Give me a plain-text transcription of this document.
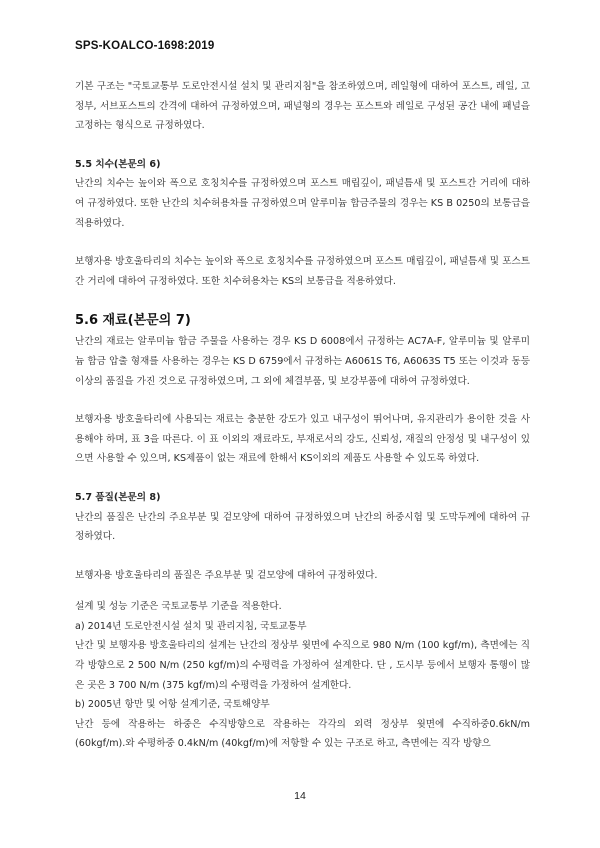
SPS-KOALCO-1698:2019

기본 구조는 "국토교통부 도로안전시설 설치 및 관리지침"을 참조하였으며, 레일형에 대하여 포스트, 레일, 고정부, 서브포스트의 간격에 대하여 규정하였으며, 패널형의 경우는 포스트와 레일로 구성된 공간 내에 패널을 고정하는 형식으로 규정하였다.

5.5 치수(본문의 6)

난간의 치수는 높이와 폭으로 호칭치수를 규정하였으며 포스트 매립깊이, 패널틈새 및 포스트간 거리에 대하여 규정하였다. 또한 난간의 치수허용차를 규정하였으며 알루미늄 합금주물의 경우는 KS B 0250의 보통급을 적용하였다.

보행자용 방호울타리의 치수는 높이와 폭으로 호칭치수를 규정하였으며 포스트 매립깊이, 패널틈새 및 포스트간 거리에 대하여 규정하였다. 또한 치수허용차는 KS의 보통급을 적용하였다.

5.6 재료(본문의 7)

난간의 재료는 알루미늄 합금 주물을 사용하는 경우 KS D 6008에서 규정하는 AC7A-F, 알루미늄 및 알루미늄 합금 압출 형재를 사용하는 경우는 KS D 6759에서 규정하는 A6061S T6, A6063S T5 또는 이것과 동등 이상의 품질을 가진 것으로 규정하였으며, 그 외에 체결부품, 및 보강부품에 대하여 규정하였다.

보행자용 방호울타리에 사용되는 재료는 충분한 강도가 있고 내구성이 뛰어나며, 유지관리가 용이한 것을 사용해야 하며, 표 3을 따른다. 이 표 이외의 재료라도, 부재로서의 강도, 신뢰성, 재질의 안정성 및 내구성이 있으면 사용할 수 있으며, KS제품이 없는 재료에 한해서 KS이외의 제품도 사용할 수 있도록 하였다.

5.7 품질(본문의 8)

난간의 품질은 난간의 주요부분 및 겉모양에 대하여 규정하였으며 난간의 하중시험 및 도막두께에 대하여 규정하였다.

보행자용 방호울타리의 품질은 주요부분 및 겉모양에 대하여 규정하였다.

설계 및 성능 기준은 국토교통부 기준을 적용한다.

a) 2014년 도로안전시설 설치 및 관리지침, 국토교통부

난간 및 보행자용 방호울타리의 설계는 난간의 정상부 윗면에 수직으로 980 N/m (100 kgf/m), 측면에는 직각 방향으로 2 500 N/m (250 kgf/m)의 수평력을 가정하여 설계한다. 단 , 도시부 등에서 보행자 통행이 많은 곳은 3 700 N/m (375 kgf/m)의 수평력을 가정하여 설계한다.

b) 2005년 항만 및 어항 설계기준, 국토해양부

난간 등에 작용하는 하중은 수직방향으로 작용하는 각각의 외력 정상부 윗면에 수직하중0.6kN/m (60kgf/m).와 수평하중 0.4kN/m (40kgf/m)에 저항할 수 있는 구조로 하고, 측면에는 직각 방향으

14
